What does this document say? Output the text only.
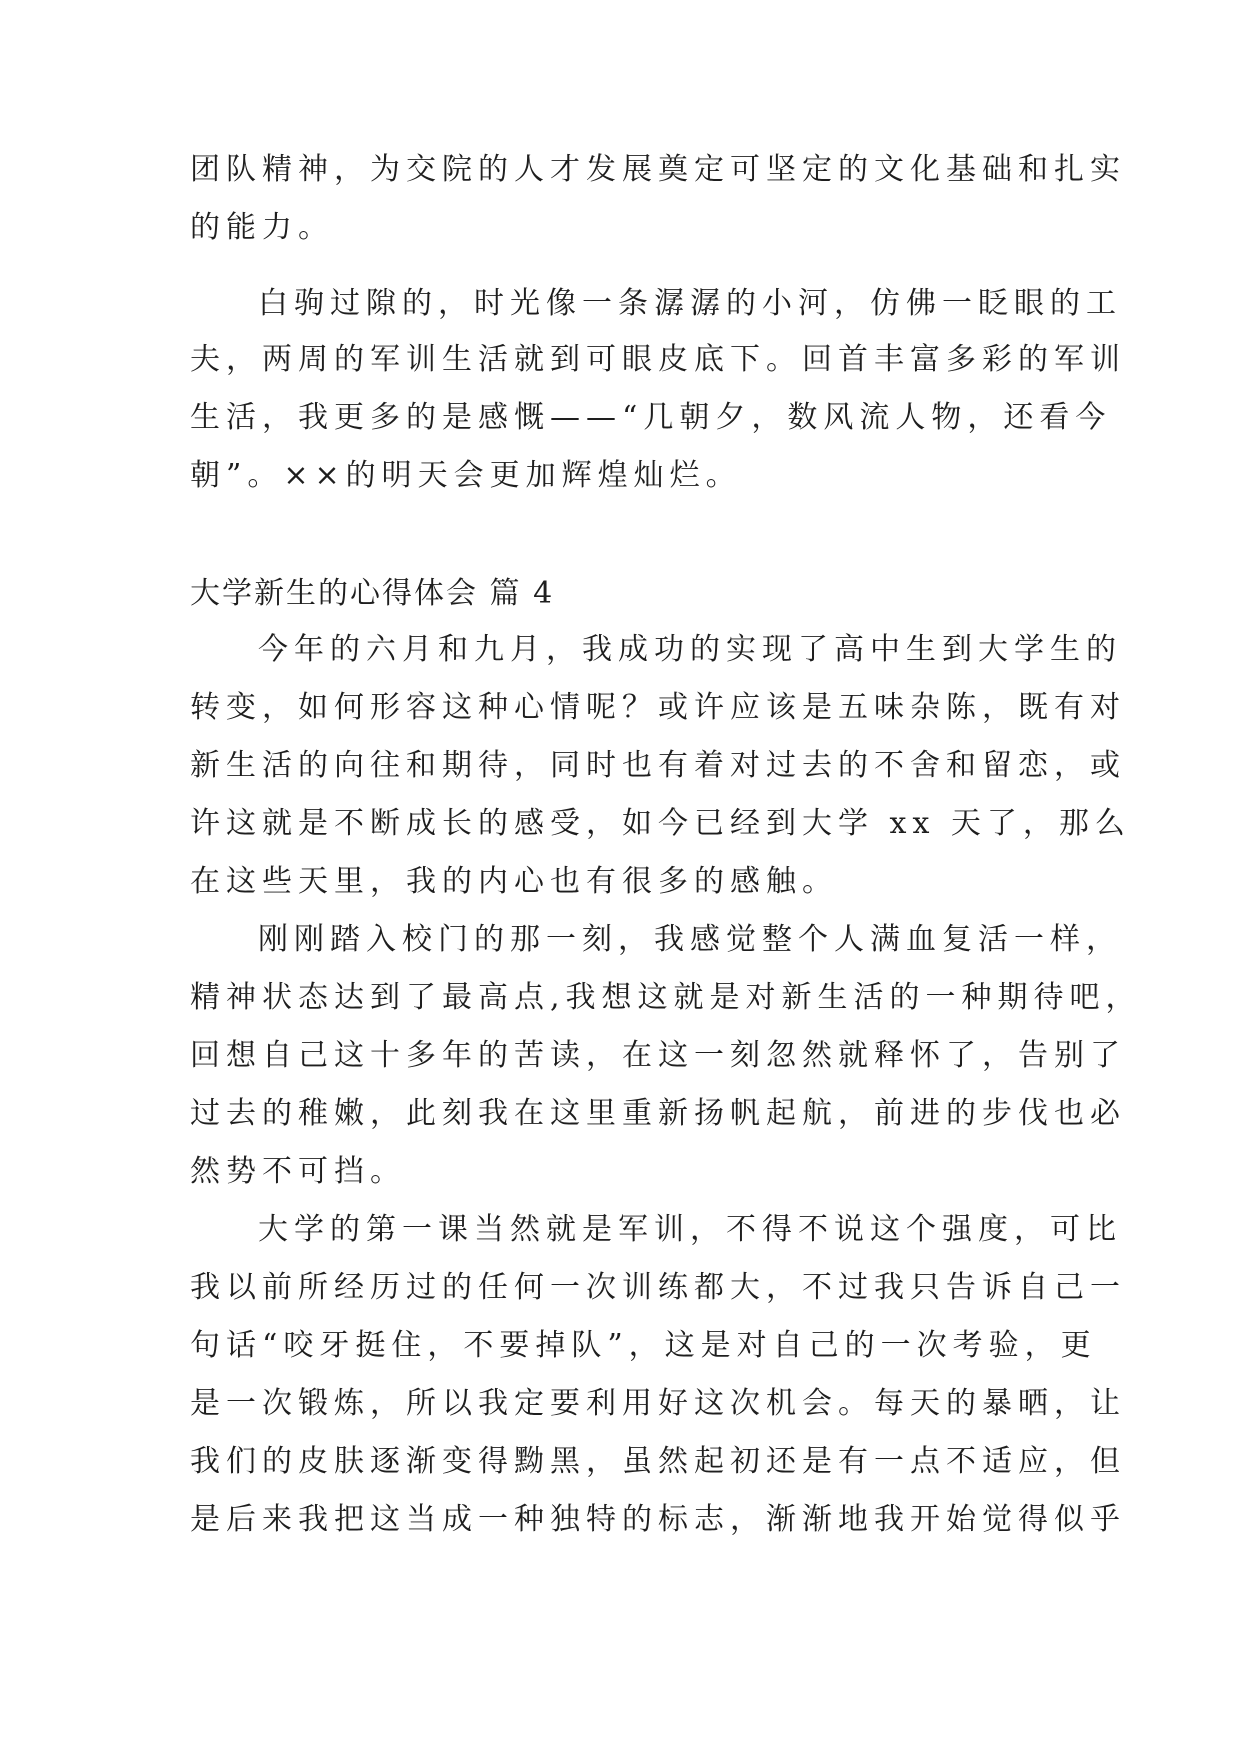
团队精神，为交院的人才发展奠定可坚定的文化基础和扎实

的能力。

白驹过隙的，时光像一条潺潺的小河，仿佛一眨眼的工

夫，两周的军训生活就到可眼皮底下。回首丰富多彩的军训

生活，我更多的是感慨——“几朝夕，数风流人物，还看今

朝”。××的明天会更加辉煌灿烂。

大学新生的心得体会 篇 4

今年的六月和九月，我成功的实现了高中生到大学生的

转变，如何形容这种心情呢？或许应该是五味杂陈，既有对

新生活的向往和期待，同时也有着对过去的不舍和留恋，或

许这就是不断成长的感受，如今已经到大学 xx 天了，那么

在这些天里，我的内心也有很多的感触。

刚刚踏入校门的那一刻，我感觉整个人满血复活一样，

精神状态达到了最高点,我想这就是对新生活的一种期待吧，

回想自己这十多年的苦读，在这一刻忽然就释怀了，告别了

过去的稚嫩，此刻我在这里重新扬帆起航，前进的步伐也必

然势不可挡。

大学的第一课当然就是军训，不得不说这个强度，可比

我以前所经历过的任何一次训练都大，不过我只告诉自己一

句话“咬牙挺住，不要掉队”，这是对自己的一次考验，更

是一次锻炼，所以我定要利用好这次机会。每天的暴晒，让

我们的皮肤逐渐变得黝黑，虽然起初还是有一点不适应，但

是后来我把这当成一种独特的标志，渐渐地我开始觉得似乎
